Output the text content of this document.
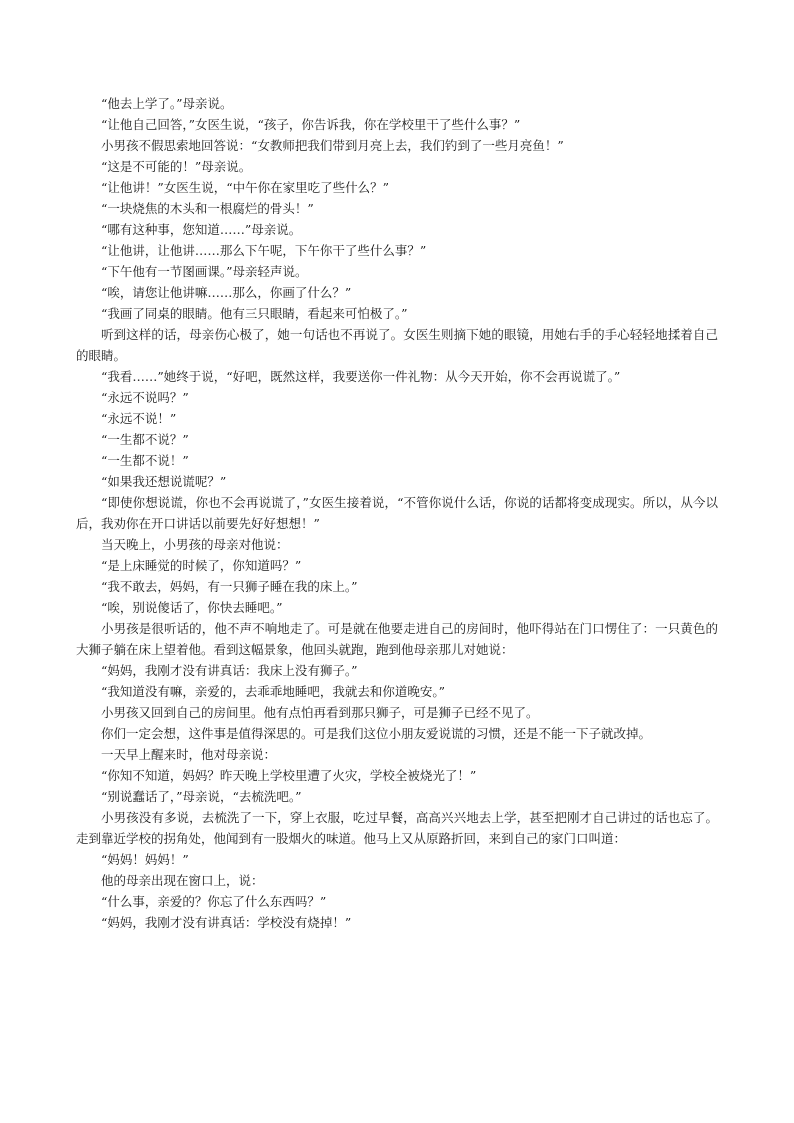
“他去上学了。”母亲说。

“让他自己回答，”女医生说，“孩子，你告诉我，你在学校里干了些什么事？”

小男孩不假思索地回答说：“女教师把我们带到月亮上去，我们钓到了一些月亮鱼！”

“这是不可能的！”母亲说。

“让他讲！”女医生说，“中午你在家里吃了些什么？”

“一块烧焦的木头和一根腐烂的骨头！”

“哪有这种事，您知道……”母亲说。

“让他讲，让他讲……那么下午呢，下午你干了些什么事？”

“下午他有一节图画课。”母亲轻声说。

“唉，请您让他讲嘛……那么，你画了什么？”

“我画了同桌的眼睛。他有三只眼睛，看起来可怕极了。”

听到这样的话，母亲伤心极了，她一句话也不再说了。女医生则摘下她的眼镜，用她右手的手心轻轻地揉着自己的眼睛。

“我看……”她终于说，“好吧，既然这样，我要送你一件礼物：从今天开始，你不会再说谎了。”

“永远不说吗？”

“永远不说！”

“一生都不说？”

“一生都不说！”

“如果我还想说谎呢？”

“即使你想说谎，你也不会再说谎了，”女医生接着说，“不管你说什么话，你说的话都将变成现实。所以，从今以后，我劝你在开口讲话以前要先好好想想！”

当天晚上，小男孩的母亲对他说：

“是上床睡觉的时候了，你知道吗？”

“我不敢去，妈妈，有一只狮子睡在我的床上。”

“唉，别说傻话了，你快去睡吧。”

小男孩是很听话的，他不声不响地走了。可是就在他要走进自己的房间时，他吓得站在门口愣住了：一只黄色的大狮子躺在床上望着他。看到这幅景象，他回头就跑，跑到他母亲那儿对她说：

“妈妈，我刚才没有讲真话：我床上没有狮子。”

“我知道没有嘛，亲爱的，去乖乖地睡吧，我就去和你道晚安。”

小男孩又回到自己的房间里。他有点怕再看到那只狮子，可是狮子已经不见了。

你们一定会想，这件事是值得深思的。可是我们这位小朋友爱说谎的习惯，还是不能一下子就改掉。

一天早上醒来时，他对母亲说：

“你知不知道，妈妈？昨天晚上学校里遭了火灾，学校全被烧光了！”

“别说蠢话了，”母亲说，“去梳洗吧。”

小男孩没有多说，去梳洗了一下，穿上衣服，吃过早餐，高高兴兴地去上学，甚至把刚才自己讲过的话也忘了。走到靠近学校的拐角处，他闻到有一股烟火的味道。他马上又从原路折回，来到自己的家门口叫道：

“妈妈！妈妈！”

他的母亲出现在窗口上，说：

“什么事，亲爱的？你忘了什么东西吗？”

“妈妈，我刚才没有讲真话：学校没有烧掉！”
